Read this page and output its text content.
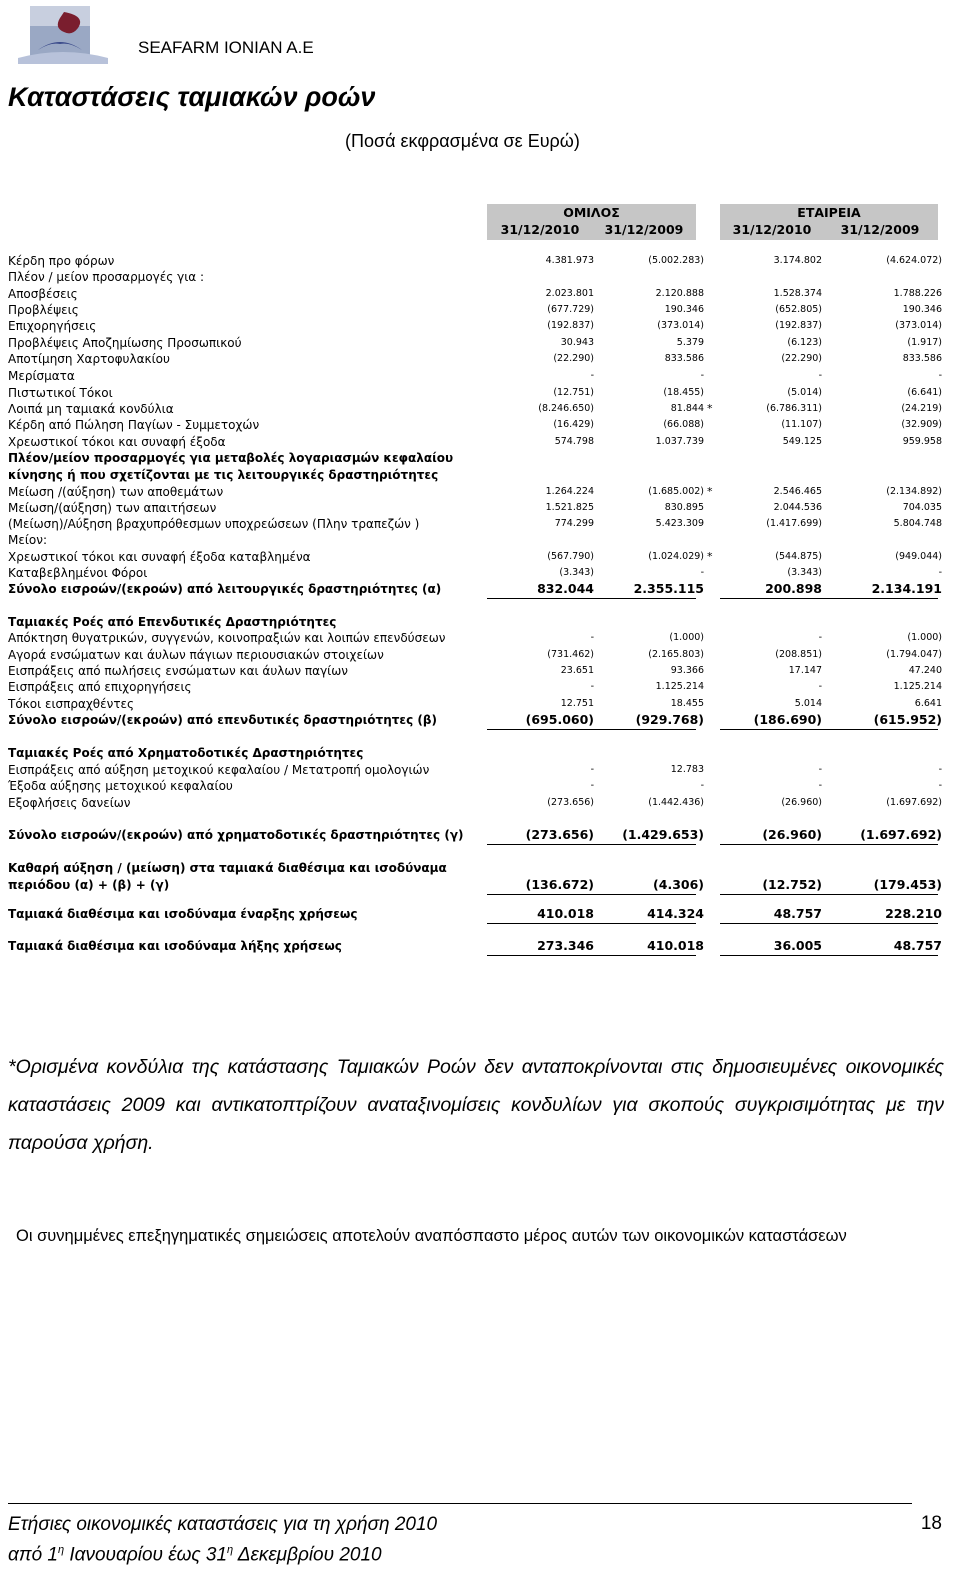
SEAFARM IONIAN A.E
Καταστάσεις ταμιακών ροών
(Ποσά εκφρασμένα σε Ευρώ)
ΟΜΙΛΟΣ	ΕΤΑΙΡΕΙΑ
31/12/2010	31/12/2009	31/12/2010	31/12/2009
Κέρδη προ φόρων	4.381.973	(5.002.283)	3.174.802	(4.624.072)
Πλέον / μείον προσαρμογές για :
Αποσβέσεις	2.023.801	2.120.888	1.528.374	1.788.226
Προβλέψεις	(677.729)	190.346	(652.805)	190.346
Επιχορηγήσεις	(192.837)	(373.014)	(192.837)	(373.014)
Προβλέψεις Αποζημίωσης Προσωπικού	30.943	5.379	(6.123)	(1.917)
Αποτίμηση Χαρτοφυλακίου	(22.290)	833.586	(22.290)	833.586
Μερίσματα	-	-	-	-
Πιστωτικοί Τόκοι	(12.751)	(18.455)	(5.014)	(6.641)
Λοιπά μη ταμιακά κονδύλια	(8.246.650)	81.844	(6.786.311)	(24.219)
*
Κέρδη από Πώληση Παγίων - Συμμετοχών	(16.429)	(66.088)	(11.107)	(32.909)
Χρεωστικοί τόκοι και συναφή έξοδα	574.798	1.037.739	549.125	959.958
Πλέον/μείον προσαρμογές για μεταβολές λογαριασμών κεφαλαίου
κίνησης ή που σχετίζονται με τις λειτουργικές δραστηριότητες
Μείωση /(αύξηση) των αποθεμάτων	1.264.224	(1.685.002)	2.546.465	(2.134.892)
*
Μείωση/(αύξηση) των απαιτήσεων	1.521.825	830.895	2.044.536	704.035
(Μείωση)/Αύξηση βραχυπρόθεσμων υποχρεώσεων (Πλην τραπεζών )	774.299	5.423.309	(1.417.699)	5.804.748
Μείον:
Χρεωστικοί τόκοι και συναφή έξοδα καταβλημένα	(567.790)	(1.024.029)	(544.875)	(949.044)
*
Καταβεβλημένοι Φόροι	(3.343)	-	(3.343)	-
Σύνολο εισροών/(εκροών) από λειτουργικές δραστηριότητες (α)	832.044	2.355.115	200.898	2.134.191
Ταμιακές Ροές από Επενδυτικές Δραστηριότητες
Απόκτηση θυγατρικών, συγγενών, κοινοπραξιών και λοιπών επενδύσεων	-	(1.000)	-	(1.000)
Αγορά ενσώματων και άυλων πάγιων περιουσιακών στοιχείων	(731.462)	(2.165.803)	(208.851)	(1.794.047)
Εισπράξεις από πωλήσεις ενσώματων και άυλων παγίων	23.651	93.366	17.147	47.240
Εισπράξεις από επιχορηγήσεις	-	1.125.214	-	1.125.214
Τόκοι εισπραχθέντες	12.751	18.455	5.014	6.641
Σύνολο εισροών/(εκροών) από επενδυτικές δραστηριότητες (β)	(695.060)	(929.768)	(186.690)	(615.952)
Ταμιακές Ροές από Χρηματοδοτικές Δραστηριότητες
Εισπράξεις από αύξηση μετοχικού κεφαλαίου / Μετατροπή ομολογιών	-	12.783	-	-
Έξοδα αύξησης μετοχικού κεφαλαίου	-	-	-	-
Εξοφλήσεις δανείων	(273.656)	(1.442.436)	(26.960)	(1.697.692)
Σύνολο εισροών/(εκροών) από χρηματοδοτικές δραστηριότητες (γ)	(273.656) (1.429.653)	(26.960)	(1.697.692)
Καθαρή αύξηση / (μείωση) στα ταμιακά διαθέσιμα και ισοδύναμα
περιόδου (α) + (β) + (γ)	(136.672)	(4.306)	(12.752)	(179.453)
Ταμιακά διαθέσιμα και ισοδύναμα έναρξης χρήσεως	410.018	414.324	48.757	228.210
Ταμιακά διαθέσιμα και ισοδύναμα λήξης χρήσεως	273.346	410.018	36.005	48.757
*Ορισμένα κονδύλια της κατάστασης Ταμιακών Ροών δεν ανταποκρίνονται στις δημοσιευμένες οικονομικές καταστάσεις 2009 και αντικατοπτρίζουν αναταξινομίσεις κονδυλίων για σκοπούς συγκρισιμότητας με την παρούσα χρήση.
Οι συνημμένες επεξηγηματικές σημειώσεις αποτελούν αναπόσπαστο μέρος αυτών των οικονομικών καταστάσεων
Ετήσιες οικονομικές καταστάσεις για τη χρήση 2010
από $1^\eta$ Ιανουαρίου έως $31^\eta$ Δεκεμβρίου 2010
18
